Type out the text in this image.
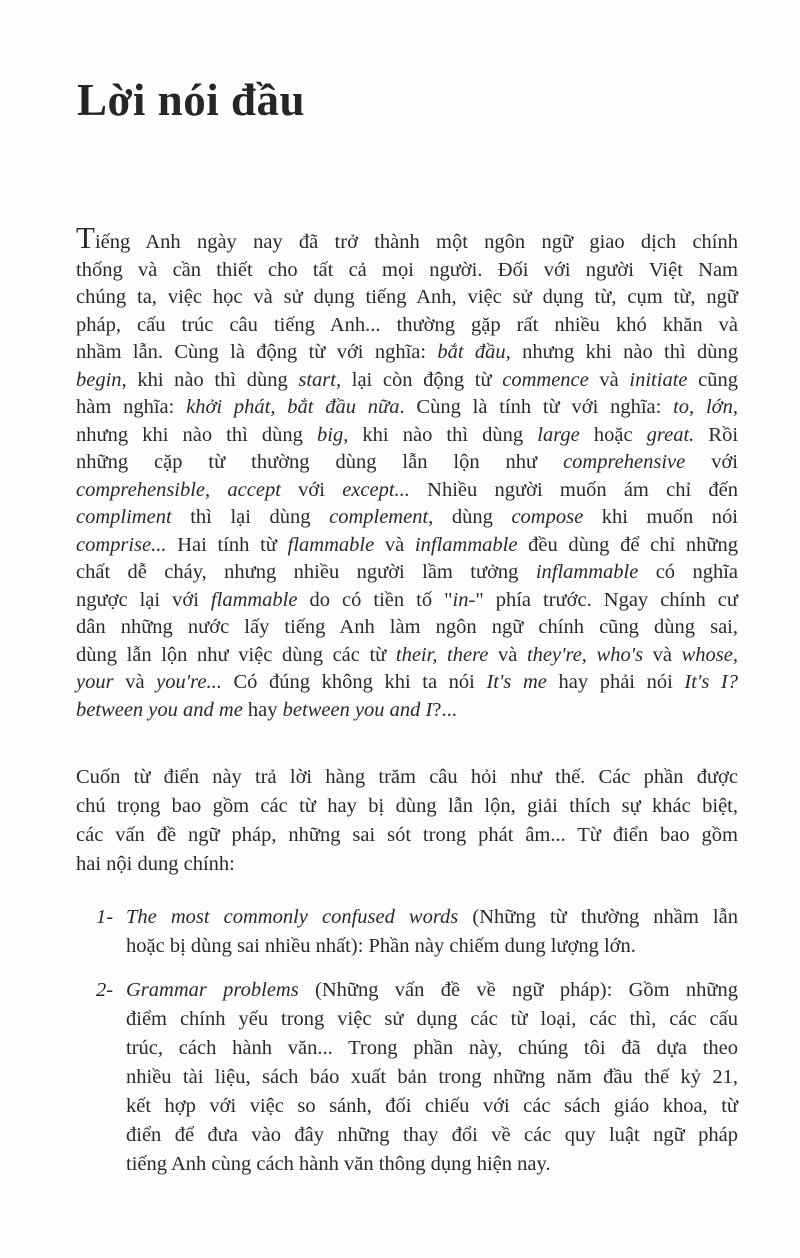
Lời nói đầu
Tiếng Anh ngày nay đã trở thành một ngôn ngữ giao dịch chính
thống và cần thiết cho tất cả mọi người. Đối với người Việt Nam
chúng ta, việc học và sử dụng tiếng Anh, việc sử dụng từ, cụm từ, ngữ
pháp, cấu trúc câu tiếng Anh... thường gặp rất nhiều khó khăn và
nhầm lẫn. Cùng là động từ với nghĩa: bắt đầu, nhưng khi nào thì dùng
begin, khi nào thì dùng start, lại còn động từ commence và initiate cũng
hàm nghĩa: khởi phát, bắt đầu nữa. Cùng là tính từ với nghĩa: to, lớn,
nhưng khi nào thì dùng big, khi nào thì dùng large hoặc great. Rồi
những cặp từ thường dùng lẫn lộn như comprehensive với
comprehensible, accept với except... Nhiều người muốn ám chỉ đến
compliment thì lại dùng complement, dùng compose khi muốn nói
comprise... Hai tính từ flammable và inflammable đều dùng để chỉ những
chất dễ cháy, nhưng nhiều người lầm tưởng inflammable có nghĩa
ngược lại với flammable do có tiền tố "in-" phía trước. Ngay chính cư
dân những nước lấy tiếng Anh làm ngôn ngữ chính cũng dùng sai,
dùng lẫn lộn như việc dùng các từ their, there và they're, who's và whose,
your và you're... Có đúng không khi ta nói It's me hay phải nói It's I?
between you and me hay between you and I?...
Cuốn từ điển này trả lời hàng trăm câu hỏi như thế. Các phần được
chú trọng bao gồm các từ hay bị dùng lẫn lộn, giải thích sự khác biệt,
các vấn đề ngữ pháp, những sai sót trong phát âm... Từ điển bao gồm
hai nội dung chính:
1- The most commonly confused words (Những từ thường nhầm lẫn
hoặc bị dùng sai nhiều nhất): Phần này chiếm dung lượng lớn.
2- Grammar problems (Những vấn đề về ngữ pháp): Gồm những
điểm chính yếu trong việc sử dụng các từ loại, các thì, các cấu
trúc, cách hành văn... Trong phần này, chúng tôi đã dựa theo
nhiều tài liệu, sách báo xuất bản trong những năm đầu thế kỷ 21,
kết hợp với việc so sánh, đối chiếu với các sách giáo khoa, từ
điển để đưa vào đây những thay đổi về các quy luật ngữ pháp
tiếng Anh cùng cách hành văn thông dụng hiện nay.
